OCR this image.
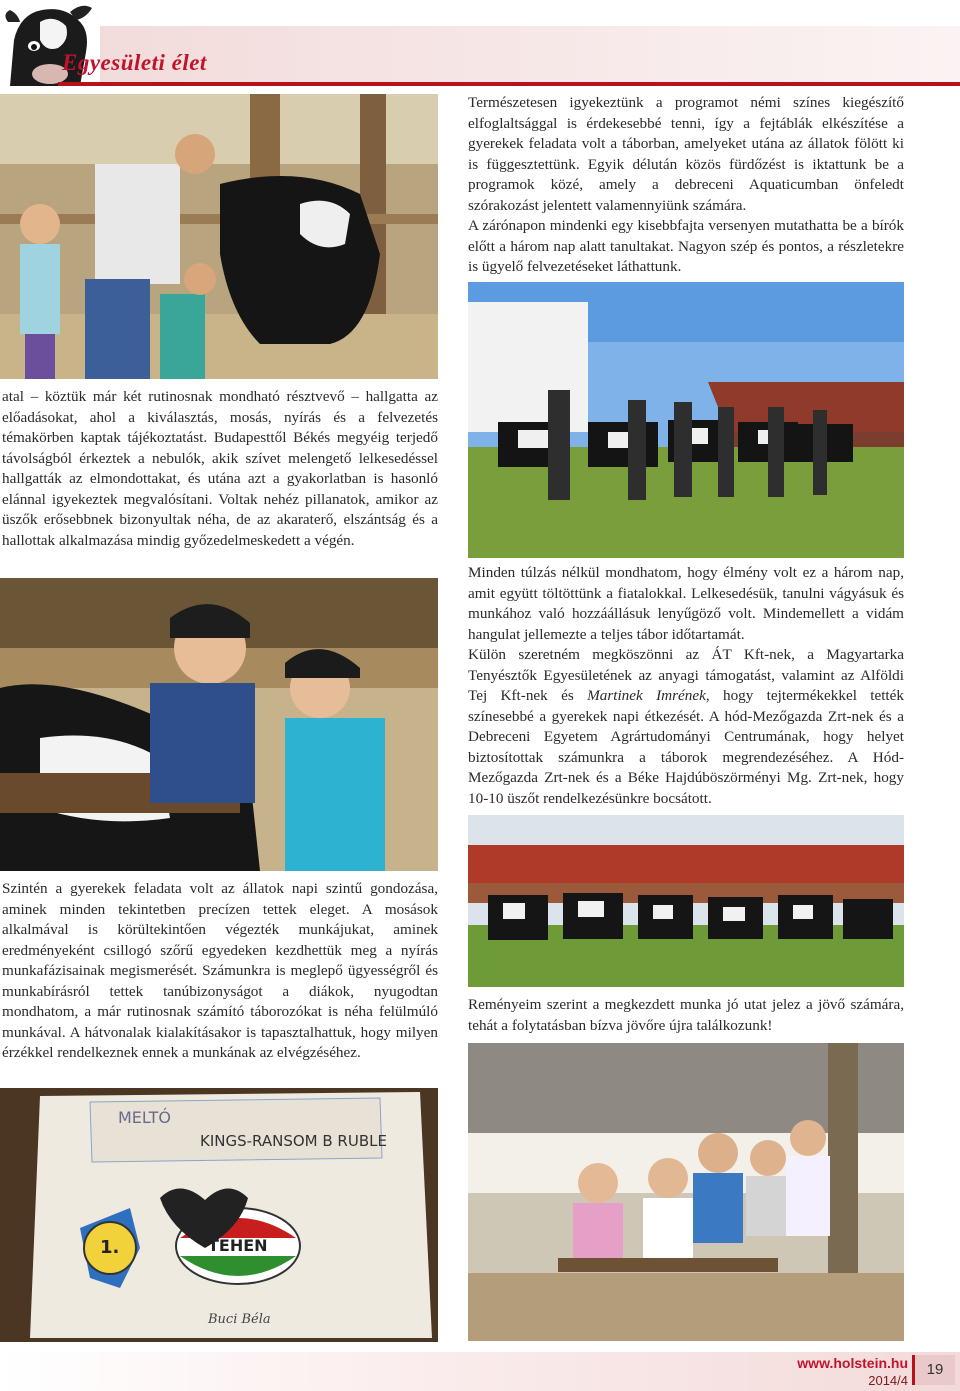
Egyesületi élet

Természetesen igyekeztünk a programot némi színes kiegészítő elfoglaltsággal is érdekesebbé tenni, így a fejtáblák elkészítése a gyerekek feladata volt a táborban, amelyeket utána az állatok fölött ki is függesztettünk. Egyik délután közös fürdőzést is iktattunk be a programok közé, amely a debreceni Aquaticumban önfeledt szórakozást jelentett valamennyiünk számára.

A zárónapon mindenki egy kisebbfajta versenyen mutathatta be a bírók előtt a három nap alatt tanultakat. Nagyon szép és pontos, a részletekre is ügyelő felvezetéseket láthattunk.

atal – köztük már két rutinosnak mondható résztvevő – hallgatta az előadásokat, ahol a kiválasztás, mosás, nyírás és a felvezetés témakörben kaptak tájékoztatást. Budapesttől Békés megyéig terjedő távolságból érkeztek a nebulók, akik szívet melengető lelkesedéssel hallgatták az elmondottakat, és utána azt a gyakorlatban is hasonló elánnal igyekeztek megvalósítani. Voltak nehéz pillanatok, amikor az üszők erősebbnek bizonyultak néha, de az akaraterő, elszántság és a hallottak alkalmazása mindig győzedelmeskedett a végén.

Minden túlzás nélkül mondhatom, hogy élmény volt ez a három nap, amit együtt töltöttünk a fiatalokkal. Lelkesedésük, tanulni vágyásuk és munkához való hozzáállásuk lenyűgöző volt. Mindemellett a vidám hangulat jellemezte a teljes tábor időtartamát.

Külön szeretném megköszönni az ÁT Kft-nek, a Magyartarka Tenyésztők Egyesületének az anyagi támogatást, valamint az Alföldi Tej Kft-nek és Martinek Imrének, hogy tejtermékekkel tették színesebbé a gyerekek napi étkezését. A hód-Mezőgazda Zrt-nek és a Debreceni Egyetem Agrártudományi Centrumának, hogy helyet biztosítottak számunkra a táborok megrendezéséhez. A Hód-Mezőgazda Zrt-nek és a Béke Hajdúböszörményi Mg. Zrt-nek, hogy 10-10 üszőt rendelkezésünkre bocsátott.

Szintén a gyerekek feladata volt az állatok napi szintű gondozása, aminek minden tekintetben precízen tettek eleget. A mosások alkalmával is körültekintően végezték munkájukat, aminek eredményeként csillogó szőrű egyedeken kezdhettük meg a nyírás munkafázisainak megismerését. Számunkra is meglepő ügyességről és munkabírásról tettek tanúbizonyságot a diákok, nyugodtan mondhatom, a már rutinosnak számító táborozókat is néha felülmúló munkával. A hátvonalak kialakításakor is tapasztalhattuk, hogy milyen érzékkel rendelkeznek ennek a munkának az elvégzéséhez.

Reményeim szerint a megkezdett munka jó utat jelez a jövő számára, tehát a folytatásban bízva jövőre újra találkozunk!

MELTÓ
KINGS-RANSOM B RUBLE
TEHEN
1.
Buci Béla
www.holstein.hu
2014/4
19
